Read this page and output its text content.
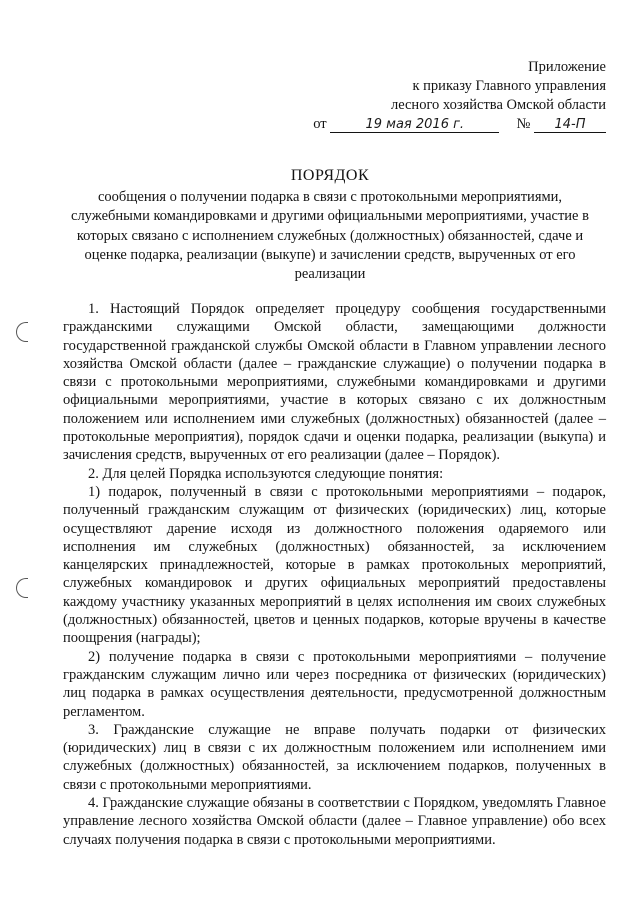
Приложение
к приказу Главного управления
лесного хозяйства Омской области
от	19 мая 2016 г.	№ 14-П
ПОРЯДОК
сообщения о получении подарка в связи с протокольными мероприятиями, служебными командировками и другими официальными мероприятиями, участие в которых связано с исполнением служебных (должностных) обязанностей, сдаче и оценке подарка, реализации (выкупе) и зачислении средств, вырученных от его реализации

1. Настоящий Порядок определяет процедуру сообщения государственными гражданскими служащими Омской области, замещающими должности государственной гражданской службы Омской области в Главном управлении лесного хозяйства Омской области (далее – гражданские служащие) о получении подарка в связи с протокольными мероприятиями, служебными командировками и другими официальными мероприятиями, участие в которых связано с их должностным положением или исполнением ими служебных (должностных) обязанностей (далее – протокольные мероприятия), порядок сдачи и оценки подарка, реализации (выкупа) и зачисления средств, вырученных от его реализации (далее – Порядок).

2. Для целей Порядка используются следующие понятия:

1) подарок, полученный в связи с протокольными мероприятиями – подарок, полученный гражданским служащим от физических (юридических) лиц, которые осуществляют дарение исходя из должностного положения одаряемого или исполнения им служебных (должностных) обязанностей, за исключением канцелярских принадлежностей, которые в рамках протокольных мероприятий, служебных командировок и других официальных мероприятий предоставлены каждому участнику указанных мероприятий в целях исполнения им своих служебных (должностных) обязанностей, цветов и ценных подарков, которые вручены в качестве поощрения (награды);

2) получение подарка в связи с протокольными мероприятиями – получение гражданским служащим лично или через посредника от физических (юридических) лиц подарка в рамках осуществления деятельности, предусмотренной должностным регламентом.

3. Гражданские служащие не вправе получать подарки от физических (юридических) лиц в связи с их должностным положением или исполнением ими служебных (должностных) обязанностей, за исключением подарков, полученных в связи с протокольными мероприятиями.

4. Гражданские служащие обязаны в соответствии с Порядком, уведомлять Главное управление лесного хозяйства Омской области (далее – Главное управление) обо всех случаях получения подарка в связи с протокольными мероприятиями.
